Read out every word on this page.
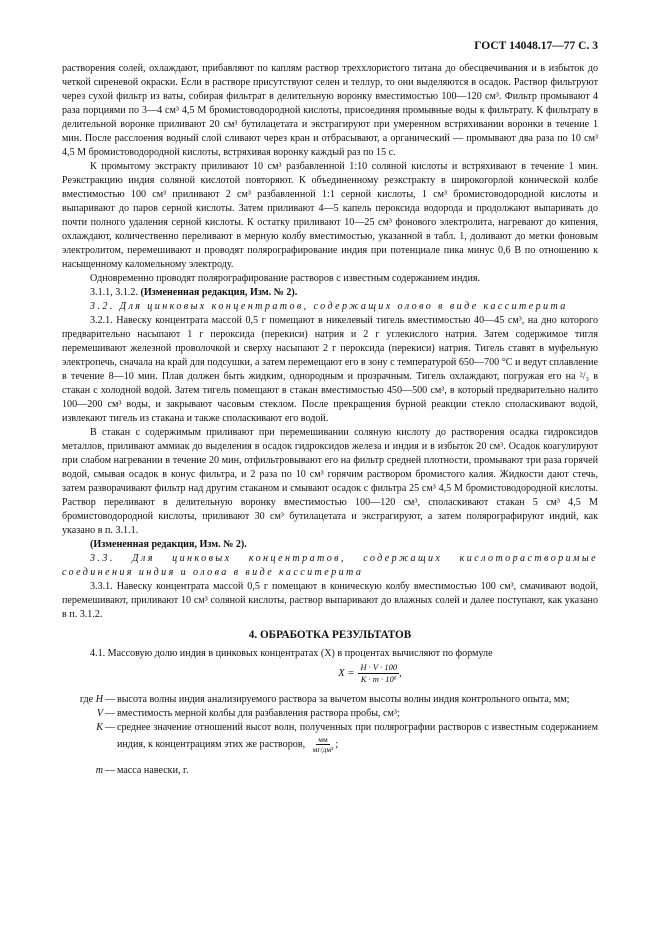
ГОСТ 14048.17—77 С. 3

растворения солей, охлаждают, прибавляют по каплям раствор треххлористого титана до обесцвечивания и в избыток до четкой сиреневой окраски. Если в растворе присутствуют селен и теллур, то они выделяются в осадок. Раствор фильтруют через сухой фильтр из ваты, собирая фильтрат в делительную воронку вместимостью 100—120 см³. Фильтр промывают 4 раза порциями по 3—4 см³ 4,5 М бромистоводородной кислоты, присоединяя промывные воды к фильтрату. К фильтрату в делительной воронке приливают 20 см³ бутилацетата и экстрагируют при умеренном встряхивании воронки в течение 1 мин. После расслоения водный слой сливают через кран и отбрасывают, а органический — промывают два раза по 10 см³ 4,5 М бромистоводородной кислоты, встряхивая воронку каждый раз по 15 с.

К промытому экстракту приливают 10 см³ разбавленной 1:10 соляной кислоты и встряхивают в течение 1 мин. Реэкстракцию индия соляной кислотой повторяют. К объединенному реэкстракту в широкогорлой конической колбе вместимостью 100 см³ приливают 2 см³ разбавленной 1:1 серной кислоты, 1 см³ бромистоводородной кислоты и выпаривают до паров серной кислоты. Затем приливают 4—5 капель пероксида водорода и продолжают выпаривать до почти полного удаления серной кислоты. К остатку приливают 10—25 см³ фонового электролита, нагревают до кипения, охлаждают, количественно переливают в мерную колбу вместимостью, указанной в табл. 1, доливают до метки фоновым электролитом, перемешивают и проводят полярографирование индия при потенциале пика минус 0,6 В по отношению к насыщенному каломельному электроду.

Одновременно проводят полярографирование растворов с известным содержанием индия.

3.1.1, 3.1.2. (Измененная редакция, Изм. № 2).

3.2. Для цинковых концентратов, содержащих олово в виде касситерита

3.2.1. Навеску концентрата массой 0,5 г помещают в никелевый тигель вместимостью 40—45 см³, на дно которого предварительно насыпают 1 г пероксида (перекиси) натрия и 2 г углекислого натрия. Затем содержимое тигля перемешивают железной проволочкой и сверху насыпают 2 г пероксида (перекиси) натрия. Тигель ставят в муфельную электропечь, сначала на край для подсушки, а затем перемещают его в зону с температурой 650—700 °С и ведут сплавление в течение 8—10 мин. Плав должен быть жидким, однородным и прозрачным. Тигель охлаждают, погружая его на ²/₃ в стакан с холодной водой. Затем тигель помещают в стакан вместимостью 450—500 см³, в который предварительно налито 100—200 см³ воды, и закрывают часовым стеклом. После прекращения бурной реакции стекло споласкивают водой, извлекают тигель из стакана и также споласкивают его водой.

В стакан с содержимым приливают при перемешивании соляную кислоту до растворения осадка гидроксидов металлов, приливают аммиак до выделения в осадок гидроксидов железа и индия и в избыток 20 см³. Осадок коагулируют при слабом нагревании в течение 20 мин, отфильтровывают его на фильтр средней плотности, промывают три раза горячей водой, смывая осадок в конус фильтра, и 2 раза по 10 см³ горячим раствором бромистого калия. Жидкости дают стечь, затем разворачивают фильтр над другим стаканом и смывают осадок с фильтра 25 см³ 4,5 М бромистоводородной кислоты. Раствор переливают в делительную воронку вместимостью 100—120 см³, споласкивают стакан 5 см³ 4,5 М бромистоводородной кислоты, приливают 30 см³ бутилацетата и экстрагируют, а затем полярографируют индий, как указано в п. 3.1.1.

(Измененная редакция, Изм. № 2).

3.3. Для цинковых концентратов, содержащих кислоторастворимые соединения индия и олова в виде касситерита

3.3.1. Навеску концентрата массой 0,5 г помещают в коническую колбу вместимостью 100 см³, смачивают водой, перемешивают, приливают 10 см³ соляной кислоты, раствор выпаривают до влажных солей и далее поступают, как указано в п. 3.1.2.

4. ОБРАБОТКА РЕЗУЛЬТАТОВ

4.1. Массовую долю индия в цинковых концентратах (X) в процентах вычисляют по формуле

$X = \frac{H \cdot V \cdot 100}{\text{K · m · 10⁶}}$ ,
где H — высота волны индия анализируемого раствора за вычетом высоты волны индия контрольного опыта, мм;
V — вместимость мерной колбы для разбавления раствора пробы, см³;
K — среднее значение отношений высот волн, полученных при полярографии растворов с известным содержанием индия, к концентрациям этих же растворов, мм
мг/дм³ ;
m — масса навески, г.
